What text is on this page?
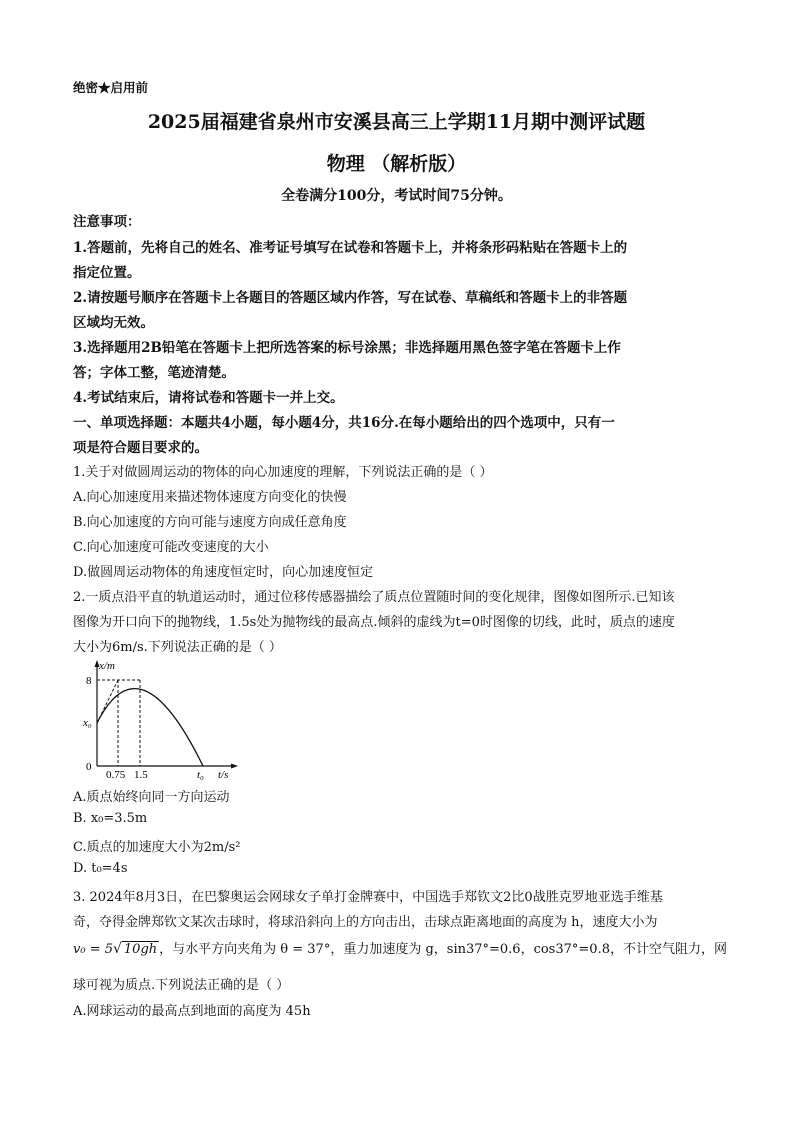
绝密★启用前
2025届福建省泉州市安溪县高三上学期11月期中测评试题
物理 （解析版）
全卷满分100分，考试时间75分钟。
注意事项：
1.答题前，先将自己的姓名、准考证号填写在试卷和答题卡上，并将条形码粘贴在答题卡上的
指定位置。
2.请按题号顺序在答题卡上各题目的答题区域内作答，写在试卷、草稿纸和答题卡上的非答题
区域均无效。
3.选择题用2B铅笔在答题卡上把所选答案的标号涂黑；非选择题用黑色签字笔在答题卡上作
答；字体工整，笔迹清楚。
4.考试结束后，请将试卷和答题卡一并上交。
一、单项选择题：本题共4小题，每小题4分，共16分.在每小题给出的四个选项中，只有一
项是符合题目要求的。
1.关于对做圆周运动的物体的向心加速度的理解，下列说法正确的是（ ）
A.向心加速度用来描述物体速度方向变化的快慢
B.向心加速度的方向可能与速度方向成任意角度
C.向心加速度可能改变速度的大小
D.做圆周运动物体的角速度恒定时，向心加速度恒定
2.一质点沿平直的轨道运动时，通过位移传感器描绘了质点位置随时间的变化规律，图像如图所示.已知该
图像为开口向下的抛物线，1.5s处为抛物线的最高点.倾斜的虚线为t=0时图像的切线，此时，质点的速度
大小为6m/s.下列说法正确的是（ ）
x/m
8
x₀
0
0.75 1.5	t₀ t/s
A.质点始终向同一方向运动
B. x₀=3.5m
C.质点的加速度大小为2m/s²
D. t₀=4s
3. 2024年8月3日，在巴黎奥运会网球女子单打金牌赛中，中国选手郑钦文2比0战胜克罗地亚选手维基
奇，夺得金牌郑钦文某次击球时，将球沿斜向上的方向击出，击球点距离地面的高度为 h，速度大小为
v₀ = 5√ 10gh ，与水平方向夹角为 θ = 37°，重力加速度为 g，sin37°=0.6，cos37°=0.8，不计空气阻力，网
球可视为质点.下列说法正确的是（ ）
A.网球运动的最高点到地面的高度为 45h
